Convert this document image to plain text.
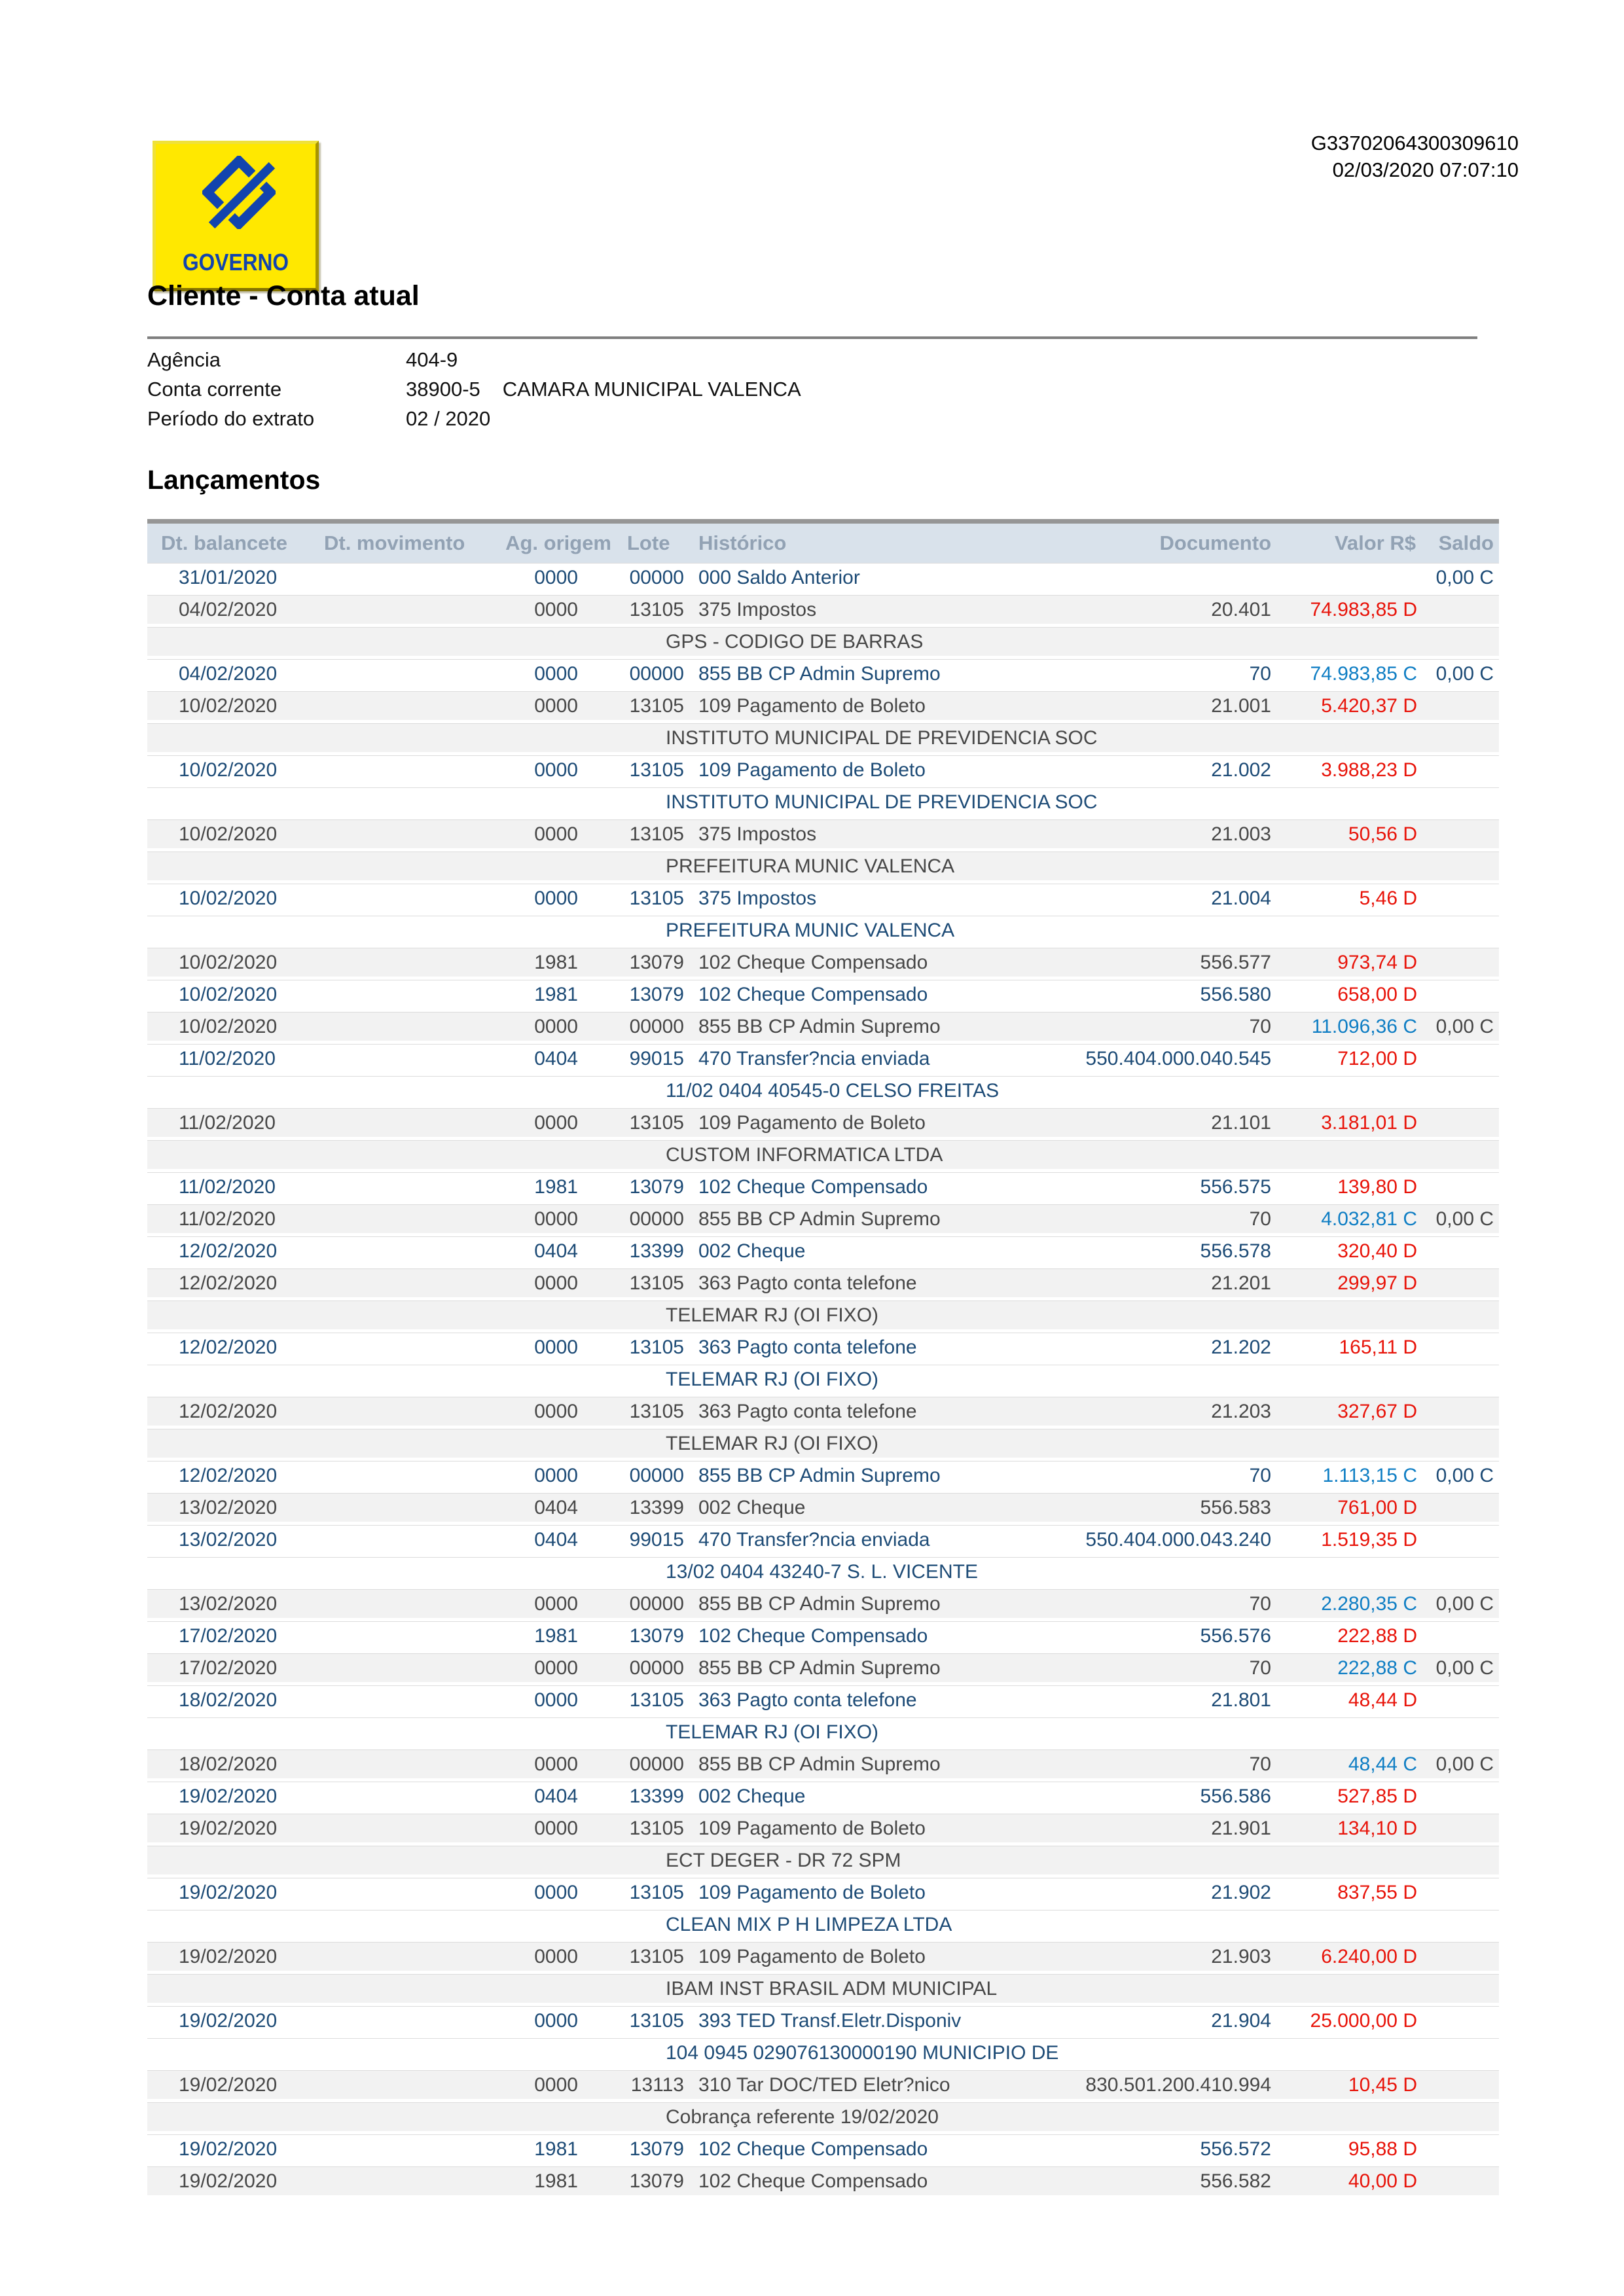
GOVERNO
G33702064300309610
02/03/2020 07:07:10
Cliente - Conta atual
Agência	404-9
Conta corrente	38900-5 CAMARA MUNICIPAL VALENCA
Período do extrato	02 / 2020
Lançamentos
Dt. balancete	Dt. movimento	Ag. origem	Lote	Histórico	Documento	Valor R$	Saldo
31/01/2020		0000	00000	000 Saldo Anterior			0,00 C
04/02/2020		0000	13105	375 Impostos	20.401	74.983,85 D	
			GPS - CODIGO DE BARRAS				
04/02/2020		0000	00000	855 BB CP Admin Supremo	70	74.983,85 C	0,00 C
10/02/2020		0000	13105	109 Pagamento de Boleto	21.001	5.420,37 D	
			INSTITUTO MUNICIPAL DE PREVIDENCIA SOC				
10/02/2020		0000	13105	109 Pagamento de Boleto	21.002	3.988,23 D	
			INSTITUTO MUNICIPAL DE PREVIDENCIA SOC				
10/02/2020		0000	13105	375 Impostos	21.003	50,56 D	
			PREFEITURA MUNIC VALENCA				
10/02/2020		0000	13105	375 Impostos	21.004	5,46 D	
			PREFEITURA MUNIC VALENCA				
10/02/2020		1981	13079	102 Cheque Compensado	556.577	973,74 D	
10/02/2020		1981	13079	102 Cheque Compensado	556.580	658,00 D	
10/02/2020		0000	00000	855 BB CP Admin Supremo	70	11.096,36 C	0,00 C
11/02/2020		0404	99015	470 Transfer?ncia enviada	550.404.000.040.545	712,00 D	
			11/02 0404 40545-0 CELSO FREITAS				
11/02/2020		0000	13105	109 Pagamento de Boleto	21.101	3.181,01 D	
			CUSTOM INFORMATICA LTDA				
11/02/2020		1981	13079	102 Cheque Compensado	556.575	139,80 D	
11/02/2020		0000	00000	855 BB CP Admin Supremo	70	4.032,81 C	0,00 C
12/02/2020		0404	13399	002 Cheque	556.578	320,40 D	
12/02/2020		0000	13105	363 Pagto conta telefone	21.201	299,97 D	
			TELEMAR RJ (OI FIXO)				
12/02/2020		0000	13105	363 Pagto conta telefone	21.202	165,11 D	
			TELEMAR RJ (OI FIXO)				
12/02/2020		0000	13105	363 Pagto conta telefone	21.203	327,67 D	
			TELEMAR RJ (OI FIXO)				
12/02/2020		0000	00000	855 BB CP Admin Supremo	70	1.113,15 C	0,00 C
13/02/2020		0404	13399	002 Cheque	556.583	761,00 D	
13/02/2020		0404	99015	470 Transfer?ncia enviada	550.404.000.043.240	1.519,35 D	
			13/02 0404 43240-7 S. L. VICENTE				
13/02/2020		0000	00000	855 BB CP Admin Supremo	70	2.280,35 C	0,00 C
17/02/2020		1981	13079	102 Cheque Compensado	556.576	222,88 D	
17/02/2020		0000	00000	855 BB CP Admin Supremo	70	222,88 C	0,00 C
18/02/2020		0000	13105	363 Pagto conta telefone	21.801	48,44 D	
			TELEMAR RJ (OI FIXO)				
18/02/2020		0000	00000	855 BB CP Admin Supremo	70	48,44 C	0,00 C
19/02/2020		0404	13399	002 Cheque	556.586	527,85 D	
19/02/2020		0000	13105	109 Pagamento de Boleto	21.901	134,10 D	
			ECT DEGER - DR 72 SPM				
19/02/2020		0000	13105	109 Pagamento de Boleto	21.902	837,55 D	
			CLEAN MIX P H LIMPEZA LTDA				
19/02/2020		0000	13105	109 Pagamento de Boleto	21.903	6.240,00 D	
			IBAM INST BRASIL ADM MUNICIPAL				
19/02/2020		0000	13105	393 TED Transf.Eletr.Disponiv	21.904	25.000,00 D	
			104 0945 029076130000190 MUNICIPIO DE				
19/02/2020		0000	13113	310 Tar DOC/TED Eletr?nico	830.501.200.410.994	10,45 D	
			Cobrança referente 19/02/2020				
19/02/2020		1981	13079	102 Cheque Compensado	556.572	95,88 D	
19/02/2020		1981	13079	102 Cheque Compensado	556.582	40,00 D	
